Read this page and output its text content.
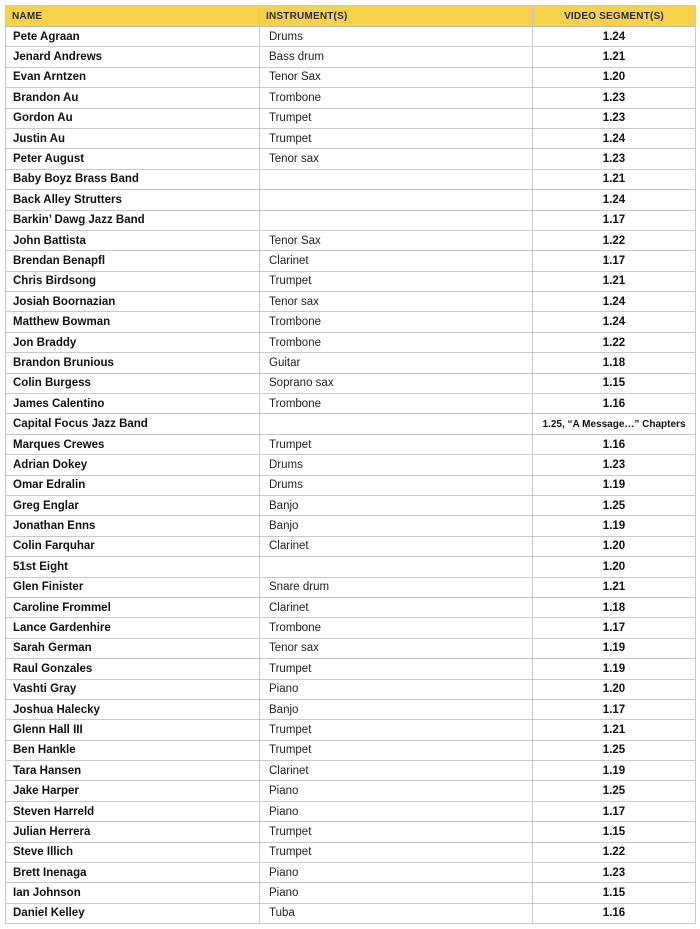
NAME	INSTRUMENT(S)	VIDEO SEGMENT(S)
Pete Agraan	Drums	1.24
Jenard Andrews	Bass drum	1.21
Evan Arntzen	Tenor Sax	1.20
Brandon Au	Trombone	1.23
Gordon Au	Trumpet	1.23
Justin Au	Trumpet	1.24
Peter August	Tenor sax	1.23
Baby Boyz Brass Band		1.21
Back Alley Strutters		1.24
Barkin’ Dawg Jazz Band		1.17
John Battista	Tenor Sax	1.22
Brendan Benapfl	Clarinet	1.17
Chris Birdsong	Trumpet	1.21
Josiah Boornazian	Tenor sax	1.24
Matthew Bowman	Trombone	1.24
Jon Braddy	Trombone	1.22
Brandon Brunious	Guitar	1.18
Colin Burgess	Soprano sax	1.15
James Calentino	Trombone	1.16
Capital Focus Jazz Band		1.25, “A Message…” Chapters
Marques Crewes	Trumpet	1.16
Adrian Dokey	Drums	1.23
Omar Edralin	Drums	1.19
Greg Englar	Banjo	1.25
Jonathan Enns	Banjo	1.19
Colin Farquhar	Clarinet	1.20
51st Eight		1.20
Glen Finister	Snare drum	1.21
Caroline Frommel	Clarinet	1.18
Lance Gardenhire	Trombone	1.17
Sarah German	Tenor sax	1.19
Raul Gonzales	Trumpet	1.19
Vashti Gray	Piano	1.20
Joshua Halecky	Banjo	1.17
Glenn Hall III	Trumpet	1.21
Ben Hankle	Trumpet	1.25
Tara Hansen	Clarinet	1.19
Jake Harper	Piano	1.25
Steven Harreld	Piano	1.17
Julian Herrera	Trumpet	1.15
Steve Illich	Trumpet	1.22
Brett Inenaga	Piano	1.23
Ian Johnson	Piano	1.15
Daniel Kelley	Tuba	1.16
